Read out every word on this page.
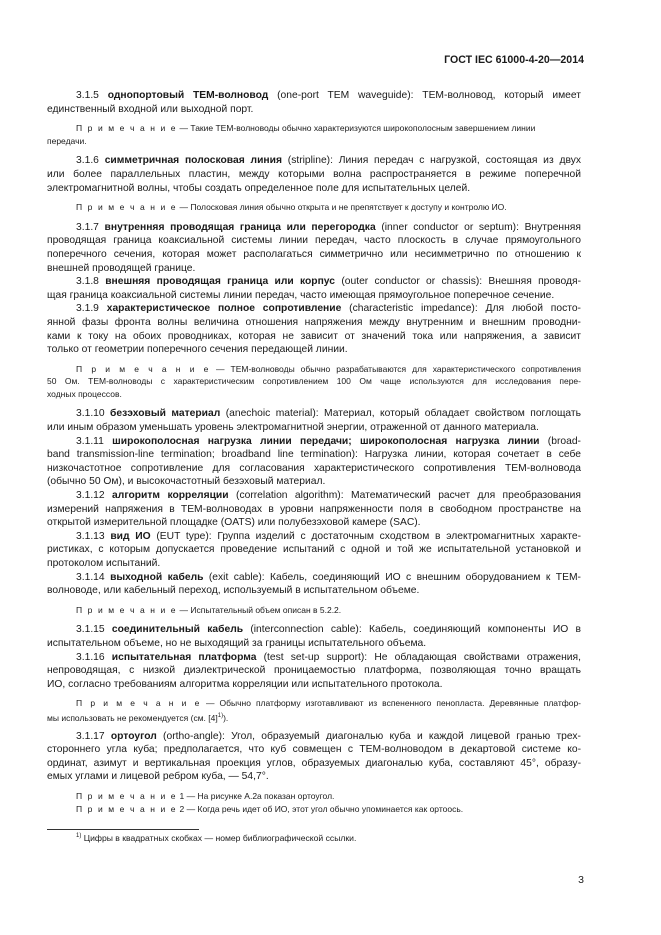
ГОСТ IEC 61000-4-20—2014
3.1.5 однопортовый ТЕМ-волновод (one-port TEM waveguide): ТЕМ-волновод, который имеет
единственный входной или выходной порт.
П р и м е ч а н и е — Такие ТЕМ-волноводы обычно характеризуются широкополосным завершением линии
передачи.
3.1.6 симметричная полосковая линия (stripline): Линия передач с нагрузкой, состоящая из двух
или более параллельных пластин, между которыми волна распространяется в режиме поперечной
электромагнитной волны, чтобы создать определенное поле для испытательных целей.
П р и м е ч а н и е — Полосковая линия обычно открыта и не препятствует к доступу и контролю ИО.
3.1.7 внутренняя проводящая граница или перегородка (inner conductor or septum): Внутренняя
проводящая граница коаксиальной системы линии передач, часто плоскость в случае прямоугольного
поперечного сечения, которая может располагаться симметрично или несимметрично по отношению к
внешней проводящей границе.
3.1.8 внешняя проводящая граница или корпус (outer conductor or chassis): Внешняя проводя-
щая граница коаксиальной системы линии передач, часто имеющая прямоугольное поперечное сечение.
3.1.9 характеристическое полное сопротивление (characteristic impedance): Для любой посто-
янной фазы фронта волны величина отношения напряжения между внутренним и внешним проводни-
ками к току на обоих проводниках, которая не зависит от значений тока или напряжения, а зависит
только от геометрии поперечного сечения передающей линии.
П р и м е ч а н и е — ТЕМ-волноводы обычно разрабатываются для характеристического сопротивления
50 Ом. ТЕМ-волноводы с характеристическим сопротивлением 100 Ом чаще используются для исследования пере-
ходных процессов.
3.1.10 безэховый материал (anechoic material): Материал, который обладает свойством поглощать
или иным образом уменьшать уровень электромагнитной энергии, отраженной от данного материала.
3.1.11 широкополосная нагрузка линии передачи; широкополосная нагрузка линии (broad-
band transmission-line termination; broadband line termination): Нагрузка линии, которая сочетает в себе
низкочастотное сопротивление для согласования характеристического сопротивления ТЕМ-волновода
(обычно 50 Ом), и высокочастотный безэховый материал.
3.1.12 алгоритм корреляции (correlation algorithm): Математический расчет для преобразования
измерений напряжения в ТЕМ-волноводах в уровни напряженности поля в свободном пространстве на
открытой измерительной площадке (OATS) или полубезэховой камере (SAC).
3.1.13 вид ИО (EUT type): Группа изделий с достаточным сходством в электромагнитных характе-
ристиках, с которым допускается проведение испытаний с одной и той же испытательной установкой и
протоколом испытаний.
3.1.14 выходной кабель (exit cable): Кабель, соединяющий ИО с внешним оборудованием к ТЕМ-
волноводе, или кабельный переход, используемый в испытательном объеме.
П р и м е ч а н и е — Испытательный объем описан в 5.2.2.
3.1.15 соединительный кабель (interconnection cable): Кабель, соединяющий компоненты ИО в
испытательном объеме, но не выходящий за границы испытательного объема.
3.1.16 испытательная платформа (test set-up support): Не обладающая свойствами отражения,
непроводящая, с низкой диэлектрической проницаемостью платформа, позволяющая точно вращать
ИО, согласно требованиям алгоритма корреляции или испытательного протокола.
П р и м е ч а н и е — Обычно платформу изготавливают из вспененного пенопласта. Деревянные платфор-
мы использовать не рекомендуется (см. $[4]^{1)}$).
3.1.17 ортоугол (ortho-angle): Угол, образуемый диагональю куба и каждой лицевой гранью трех-
стороннего угла куба; предполагается, что куб совмещен с ТЕМ-волноводом в декартовой системе ко-
ординат, азимут и вертикальная проекция углов, образуемых диагональю куба, составляют 45°, образу-
емых углами и лицевой ребром куба, — 54,7°.
П р и м е ч а н и е 1 — На рисунке А.2а показан ортоугол.
П р и м е ч а н и е 2 — Когда речь идет об ИО, этот угол обычно упоминается как ортоось.
$^{1)}$ Цифры в квадратных скобках — номер библиографической ссылки.
3
